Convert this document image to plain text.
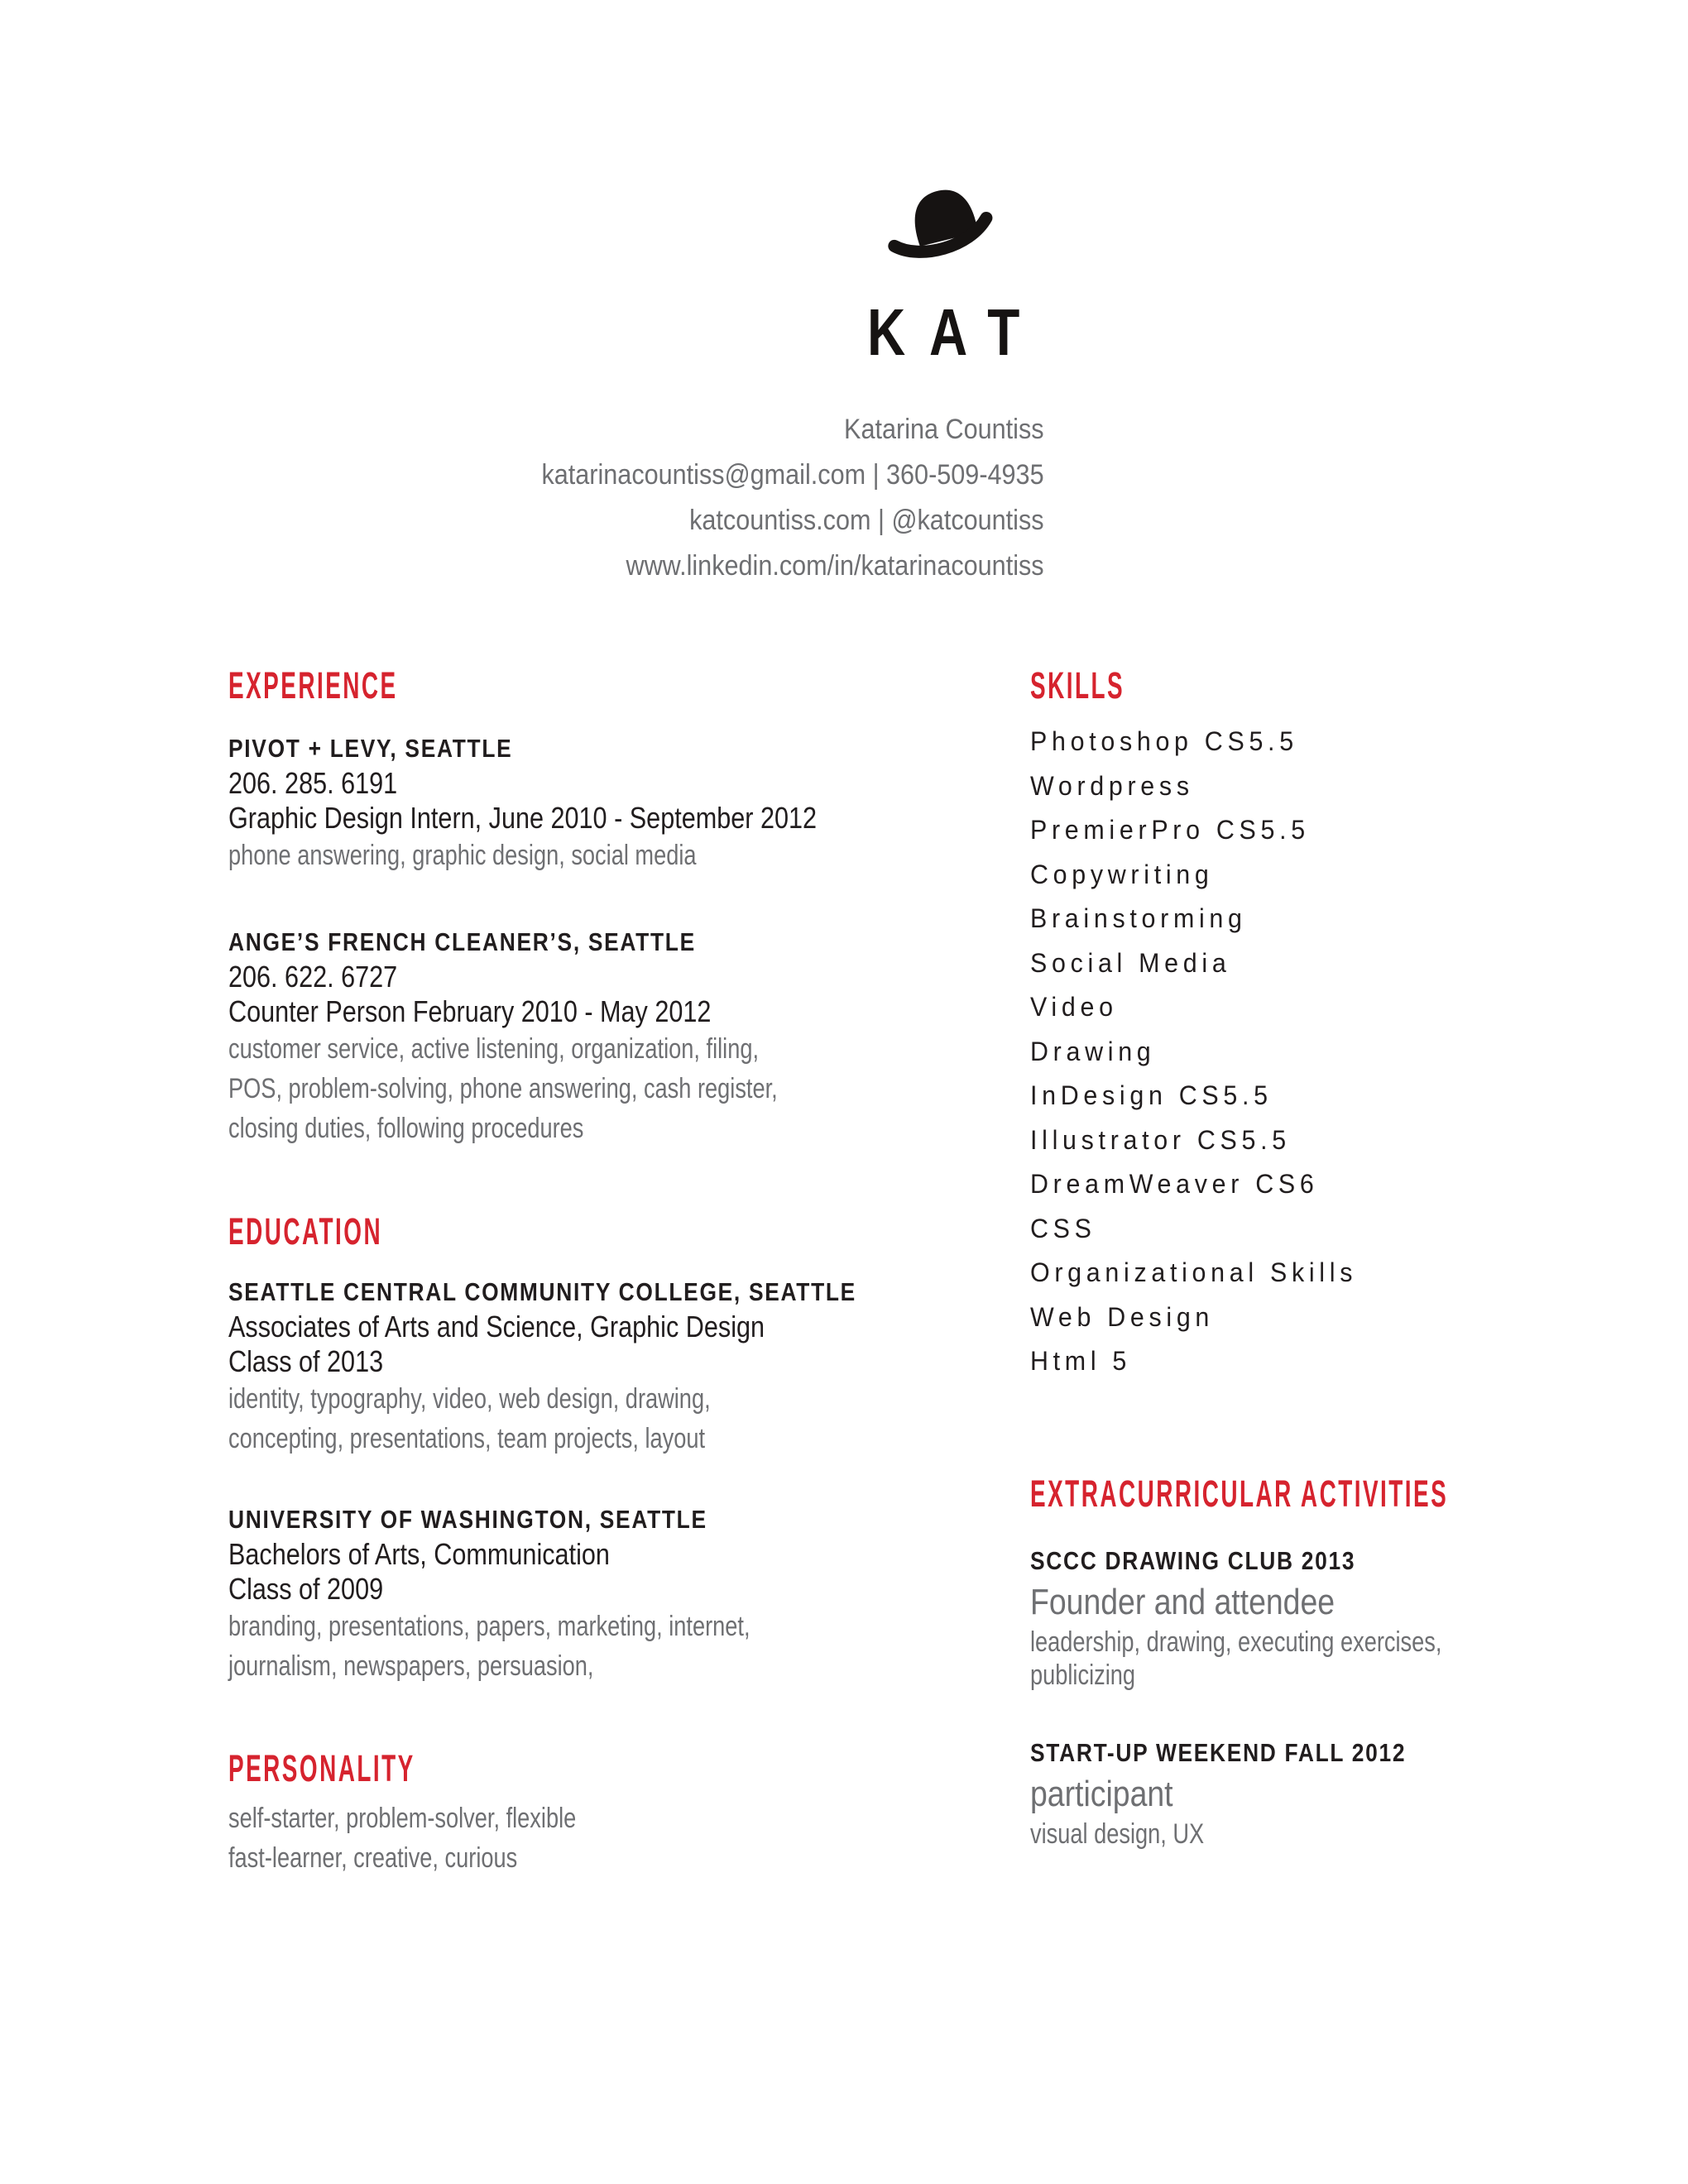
KAT
Katarina Countiss
katarinacountiss@gmail.com | 360-509-4935
katcountiss.com | @katcountiss
www.linkedin.com/in/katarinacountiss
EXPERIENCE
PIVOT + LEVY, SEATTLE
206. 285. 6191
Graphic Design Intern, June 2010 - September 2012
phone answering, graphic design, social media
ANGE’S FRENCH CLEANER’S, SEATTLE
206. 622. 6727
Counter Person February 2010 - May 2012
customer service, active listening, organization, filing,
POS, problem-solving, phone answering, cash register,
closing duties, following procedures
EDUCATION
SEATTLE CENTRAL COMMUNITY COLLEGE, SEATTLE
Associates of Arts and Science, Graphic Design
Class of 2013
identity, typography, video, web design, drawing,
concepting, presentations, team projects, layout
UNIVERSITY OF WASHINGTON, SEATTLE
Bachelors of Arts, Communication
Class of 2009
branding, presentations, papers, marketing, internet,
journalism, newspapers, persuasion,
PERSONALITY
self-starter, problem-solver, flexible
fast-learner, creative, curious
SKILLS
Photoshop CS5.5
Wordpress
PremierPro CS5.5
Copywriting
Brainstorming
Social Media
Video
Drawing
InDesign CS5.5
Illustrator CS5.5
DreamWeaver CS6
CSS
Organizational Skills
Web Design
Html 5
EXTRACURRICULAR ACTIVITIES
SCCC DRAWING CLUB 2013
Founder and attendee
leadership, drawing, executing exercises,
publicizing
START-UP WEEKEND FALL 2012
participant
visual design, UX
